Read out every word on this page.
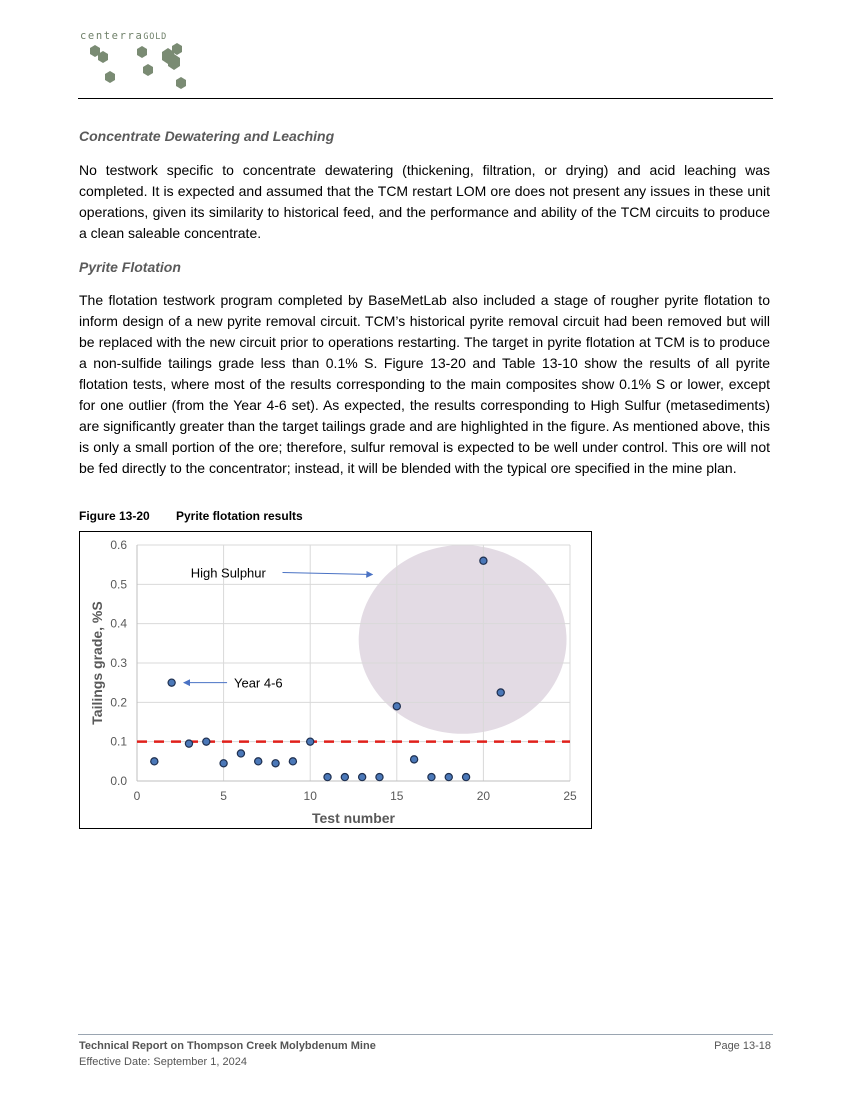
centerraGOLD
Concentrate Dewatering and Leaching

No testwork specific to concentrate dewatering (thickening, filtration, or drying) and acid leaching was completed. It is expected and assumed that the TCM restart LOM ore does not present any issues in these unit operations, given its similarity to historical feed, and the performance and ability of the TCM circuits to produce a clean saleable concentrate.

Pyrite Flotation

The flotation testwork program completed by BaseMetLab also included a stage of rougher pyrite flotation to inform design of a new pyrite removal circuit. TCM’s historical pyrite removal circuit had been removed but will be replaced with the new circuit prior to operations restarting. The target in pyrite flotation at TCM is to produce a non-sulfide tailings grade less than 0.1% S. Figure 13-20 and Table 13-10 show the results of all pyrite flotation tests, where most of the results corresponding to the main composites show 0.1% S or lower, except for one outlier (from the Year 4-6 set). As expected, the results corresponding to High Sulfur (metasediments) are significantly greater than the target tailings grade and are highlighted in the figure. As mentioned above, this is only a small portion of the ore; therefore, sulfur removal is expected to be well under control. This ore will not be fed directly to the concentrator; instead, it will be blended with the typical ore specified in the mine plan.

Figure 13-20 Pyrite flotation results
0	5	10	15	20	25
0.0
0.1
0.2
0.3
0.4
0.5
0.6
Test number
Tailings grade, %S
High Sulphur
Year 4-6
Technical Report on Thompson Creek Molybdenum Mine
Effective Date: September 1, 2024
Page 13-18
